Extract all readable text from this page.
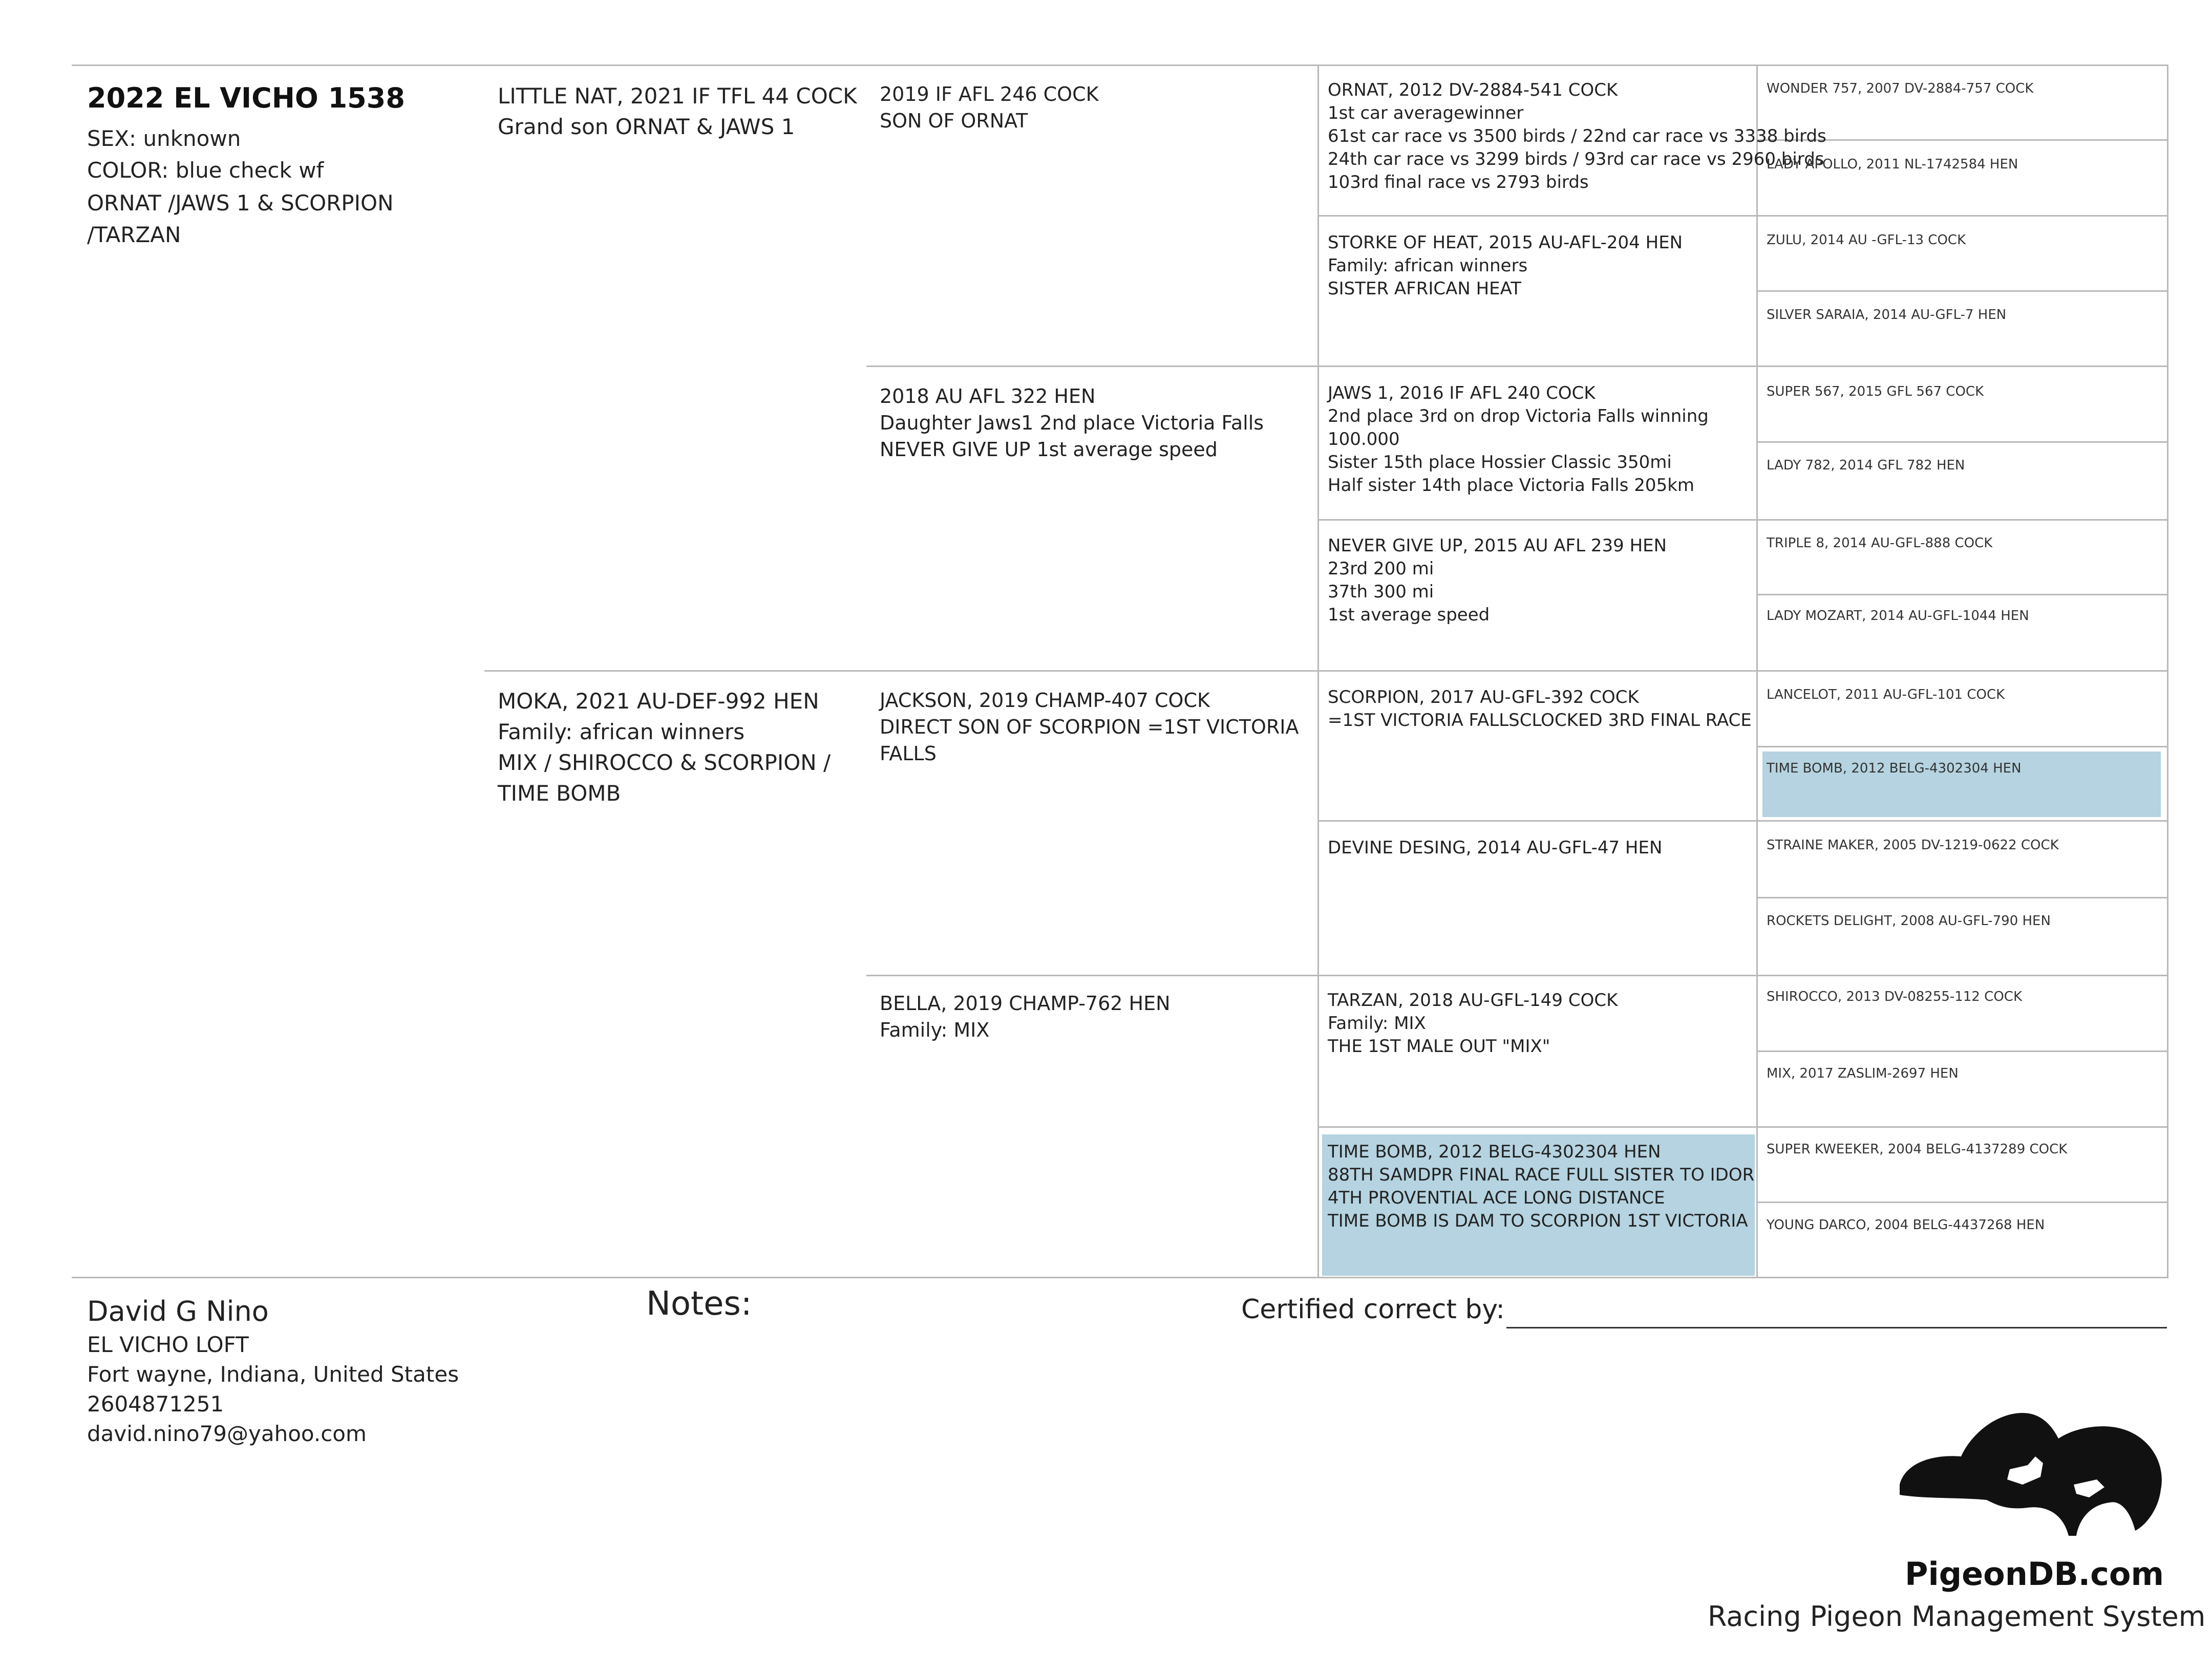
2022 EL VICHO 1538
SEX: unknown
COLOR: blue check wf
ORNAT /JAWS 1 & SCORPION
/TARZAN
LITTLE NAT, 2021 IF TFL 44 COCK
Grand son ORNAT & JAWS 1
MOKA, 2021 AU-DEF-992 HEN
Family: african winners
MIX / SHIROCCO & SCORPION /
TIME BOMB
2019 IF AFL 246 COCK
SON OF ORNAT
2018 AU AFL 322 HEN
Daughter Jaws1 2nd place Victoria Falls
NEVER GIVE UP 1st average speed
JACKSON, 2019 CHAMP-407 COCK
DIRECT SON OF SCORPION =1ST VICTORIA
FALLS
BELLA, 2019 CHAMP-762 HEN
Family: MIX
ORNAT, 2012 DV-2884-541 COCK
1st car averagewinner
61st car race vs 3500 birds / 22nd car race vs 3338 birds
24th car race vs 3299 birds / 93rd car race vs 2960 birds
103rd final race vs 2793 birds
STORKE OF HEAT, 2015 AU-AFL-204 HEN
Family: african winners
SISTER AFRICAN HEAT
JAWS 1, 2016 IF AFL 240 COCK
2nd place 3rd on drop Victoria Falls winning
100.000
Sister 15th place Hossier Classic 350mi
Half sister 14th place Victoria Falls 205km
NEVER GIVE UP, 2015 AU AFL 239 HEN
23rd 200 mi
37th 300 mi
1st average speed
SCORPION, 2017 AU-GFL-392 COCK
=1ST VICTORIA FALLSCLOCKED 3RD FINAL RACE
DEVINE DESING, 2014 AU-GFL-47 HEN
TARZAN, 2018 AU-GFL-149 COCK
Family: MIX
THE 1ST MALE OUT "MIX"
TIME BOMB, 2012 BELG-4302304 HEN
88TH SAMDPR FINAL RACE FULL SISTER TO IDOR
4TH PROVENTIAL ACE LONG DISTANCE
TIME BOMB IS DAM TO SCORPION 1ST VICTORIA
WONDER 757, 2007 DV-2884-757 COCK
LADY APOLLO, 2011 NL-1742584 HEN
ZULU, 2014 AU -GFL-13 COCK
SILVER SARAIA, 2014 AU-GFL-7 HEN
SUPER 567, 2015 GFL 567 COCK
LADY 782, 2014 GFL 782 HEN
TRIPLE 8, 2014 AU-GFL-888 COCK
LADY MOZART, 2014 AU-GFL-1044 HEN
LANCELOT, 2011 AU-GFL-101 COCK
TIME BOMB, 2012 BELG-4302304 HEN
STRAINE MAKER, 2005 DV-1219-0622 COCK
ROCKETS DELIGHT, 2008 AU-GFL-790 HEN
SHIROCCO, 2013 DV-08255-112 COCK
MIX, 2017 ZASLIM-2697 HEN
SUPER KWEEKER, 2004 BELG-4137289 COCK
YOUNG DARCO, 2004 BELG-4437268 HEN
David G Nino
EL VICHO LOFT
Fort wayne, Indiana, United States
2604871251
david.nino79@yahoo.com
Notes:	Certified correct by:
PigeonDB.com
Racing Pigeon Management System
